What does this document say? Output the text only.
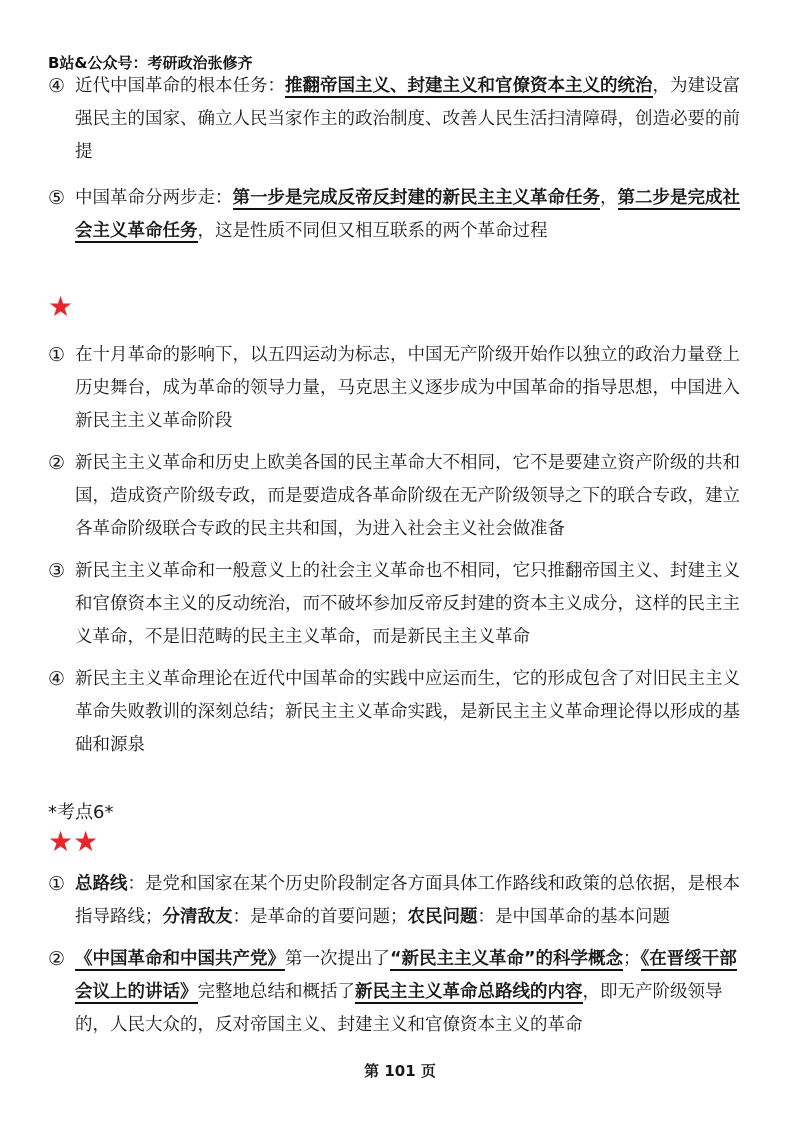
B站&公众号：考研政治张修齐
④ 近代中国革命的根本任务：推翻帝国主义、封建主义和官僚资本主义的统治，为建设富强民主的国家、确立人民当家作主的政治制度、改善人民生活扫清障碍，创造必要的前提
⑤ 中国革命分两步走：第一步是完成反帝反封建的新民主主义革命任务，第二步是完成社会主义革命任务，这是性质不同但又相互联系的两个革命过程
★
① 在十月革命的影响下，以五四运动为标志，中国无产阶级开始作以独立的政治力量登上历史舞台，成为革命的领导力量，马克思主义逐步成为中国革命的指导思想，中国进入新民主主义革命阶段
② 新民主主义革命和历史上欧美各国的民主革命大不相同，它不是要建立资产阶级的共和国，造成资产阶级专政，而是要造成各革命阶级在无产阶级领导之下的联合专政，建立各革命阶级联合专政的民主共和国，为进入社会主义社会做准备
③ 新民主主义革命和一般意义上的社会主义革命也不相同，它只推翻帝国主义、封建主义和官僚资本主义的反动统治，而不破坏参加反帝反封建的资本主义成分，这样的民主主义革命，不是旧范畴的民主主义革命，而是新民主主义革命
④ 新民主主义革命理论在近代中国革命的实践中应运而生，它的形成包含了对旧民主主义革命失败教训的深刻总结；新民主主义革命实践，是新民主主义革命理论得以形成的基础和源泉
*考点6*
★★
① 总路线：是党和国家在某个历史阶段制定各方面具体工作路线和政策的总依据，是根本指导路线；分清敌友：是革命的首要问题；农民问题：是中国革命的基本问题
② 《中国革命和中国共产党》第一次提出了“新民主主义革命”的科学概念；《在晋绥干部会议上的讲话》完整地总结和概括了新民主主义革命总路线的内容，即无产阶级领导的，人民大众的，反对帝国主义、封建主义和官僚资本主义的革命
第 101 页
